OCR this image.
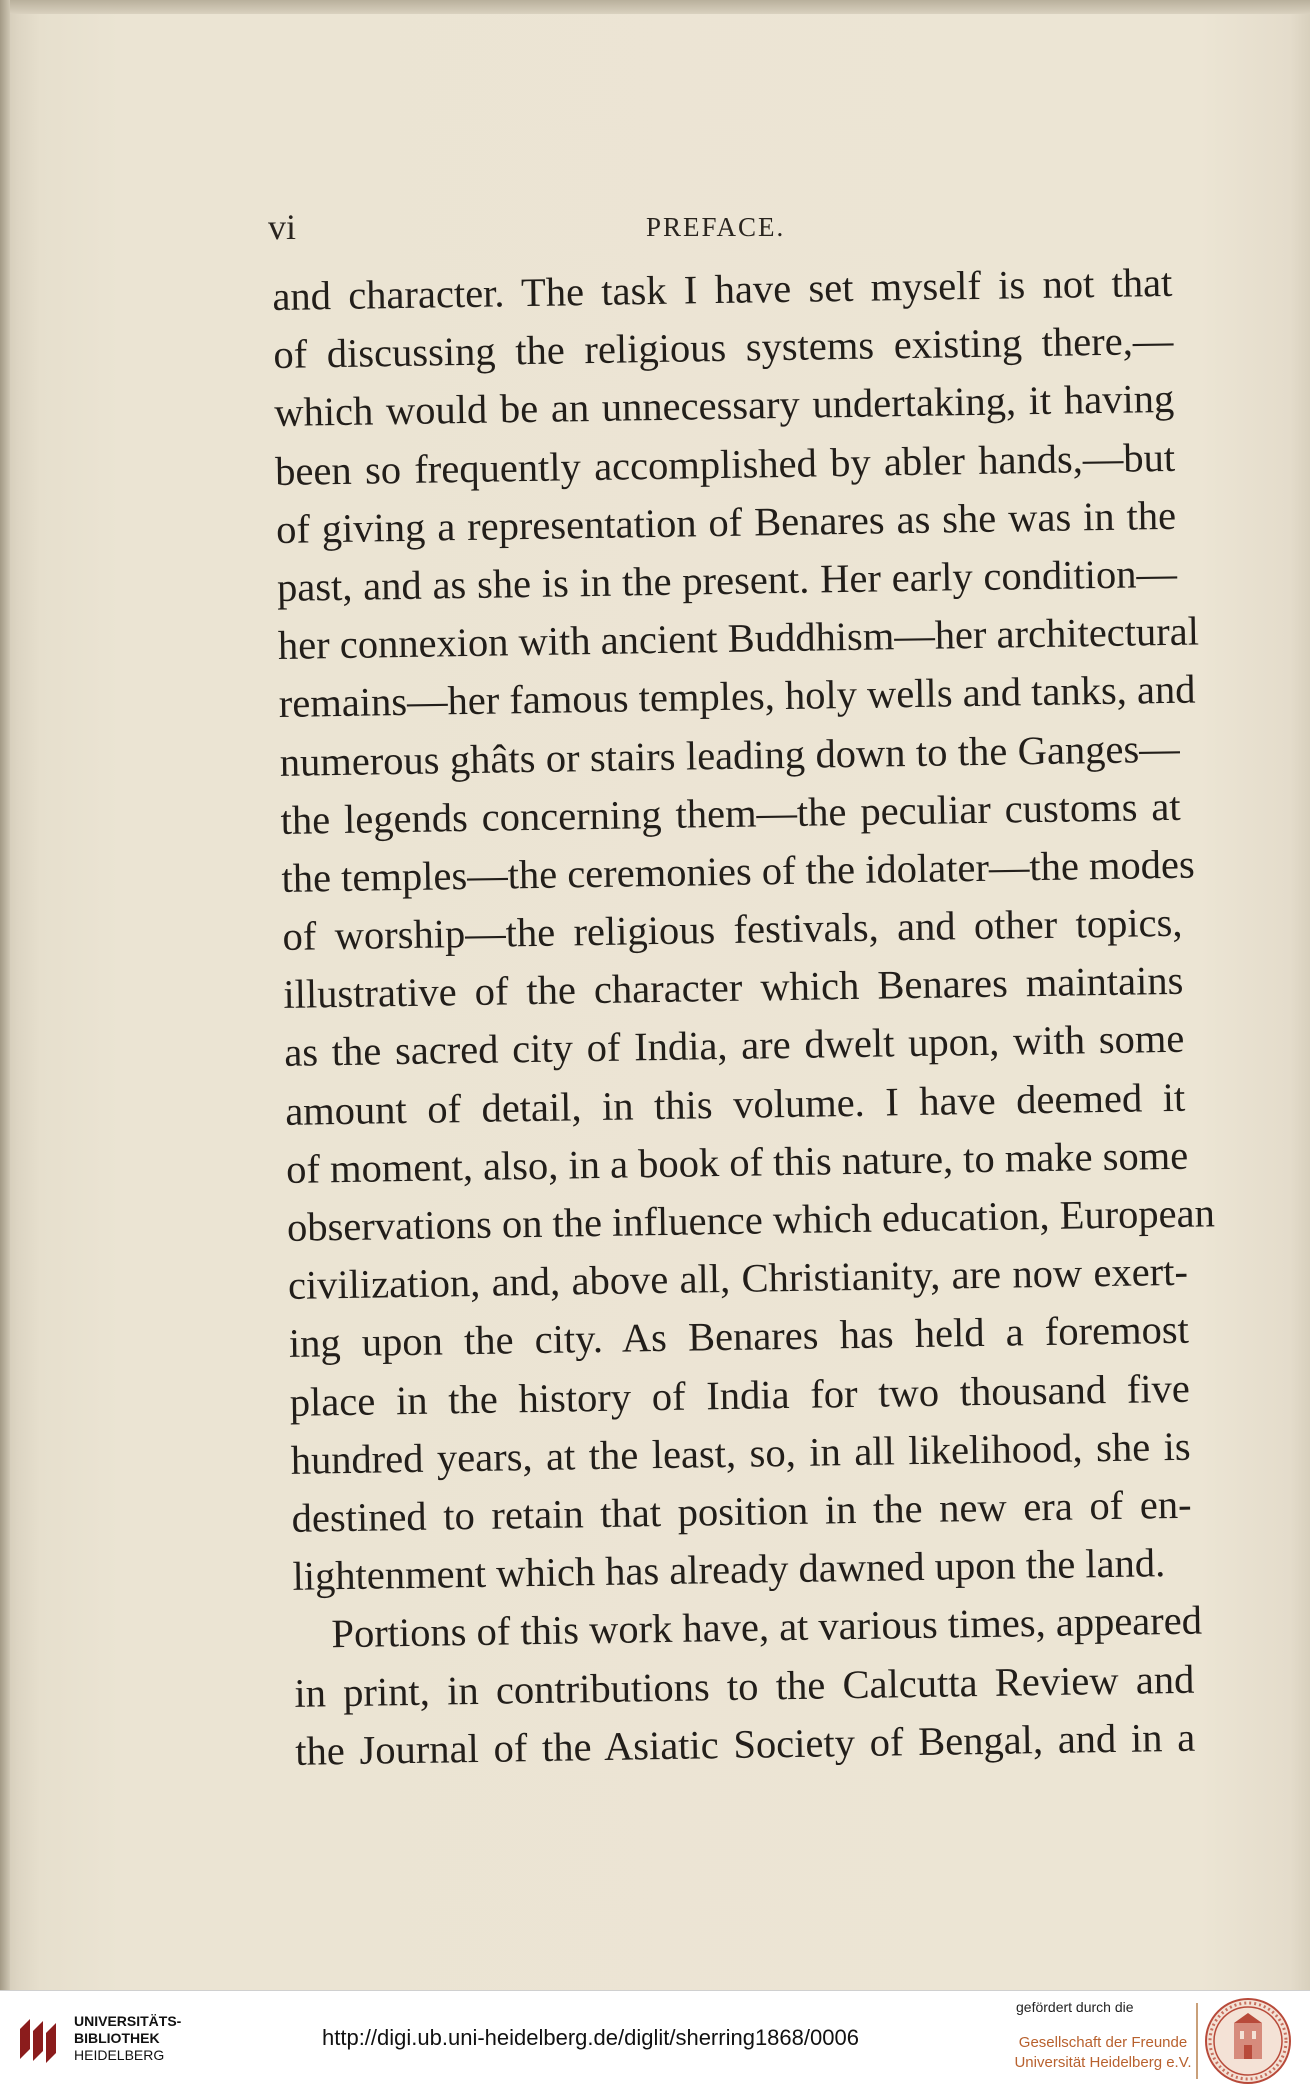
vi	PREFACE.
and character. The task I have set myself is not that
of discussing the religious systems existing there,—
which would be an unnecessary undertaking, it having
been so frequently accomplished by abler hands,—but
of giving a representation of Benares as she was in the
past, and as she is in the present. Her early condition—
her connexion with ancient Buddhism—her architectural
remains—her famous temples, holy wells and tanks, and
numerous ghâts or stairs leading down to the Ganges—
the legends concerning them—the peculiar customs at
the temples—the ceremonies of the idolater—the modes
of worship—the religious festivals, and other topics,
illustrative of the character which Benares maintains
as the sacred city of India, are dwelt upon, with some
amount of detail, in this volume. I have deemed it
of moment, also, in a book of this nature, to make some
observations on the influence which education, European
civilization, and, above all, Christianity, are now exert-
ing upon the city. As Benares has held a foremost
place in the history of India for two thousand five
hundred years, at the least, so, in all likelihood, she is
destined to retain that position in the new era of en-
lightenment which has already dawned upon the land.
Portions of this work have, at various times, appeared
in print, in contributions to the Calcutta Review and
the Journal of the Asiatic Society of Bengal, and in a
UNIVERSITÄTS-
BIBLIOTHEK
HEIDELBERG
http://digi.ub.uni-heidelberg.de/diglit/sherring1868/0006
gefördert durch die
Gesellschaft der Freunde
Universität Heidelberg e.V.
